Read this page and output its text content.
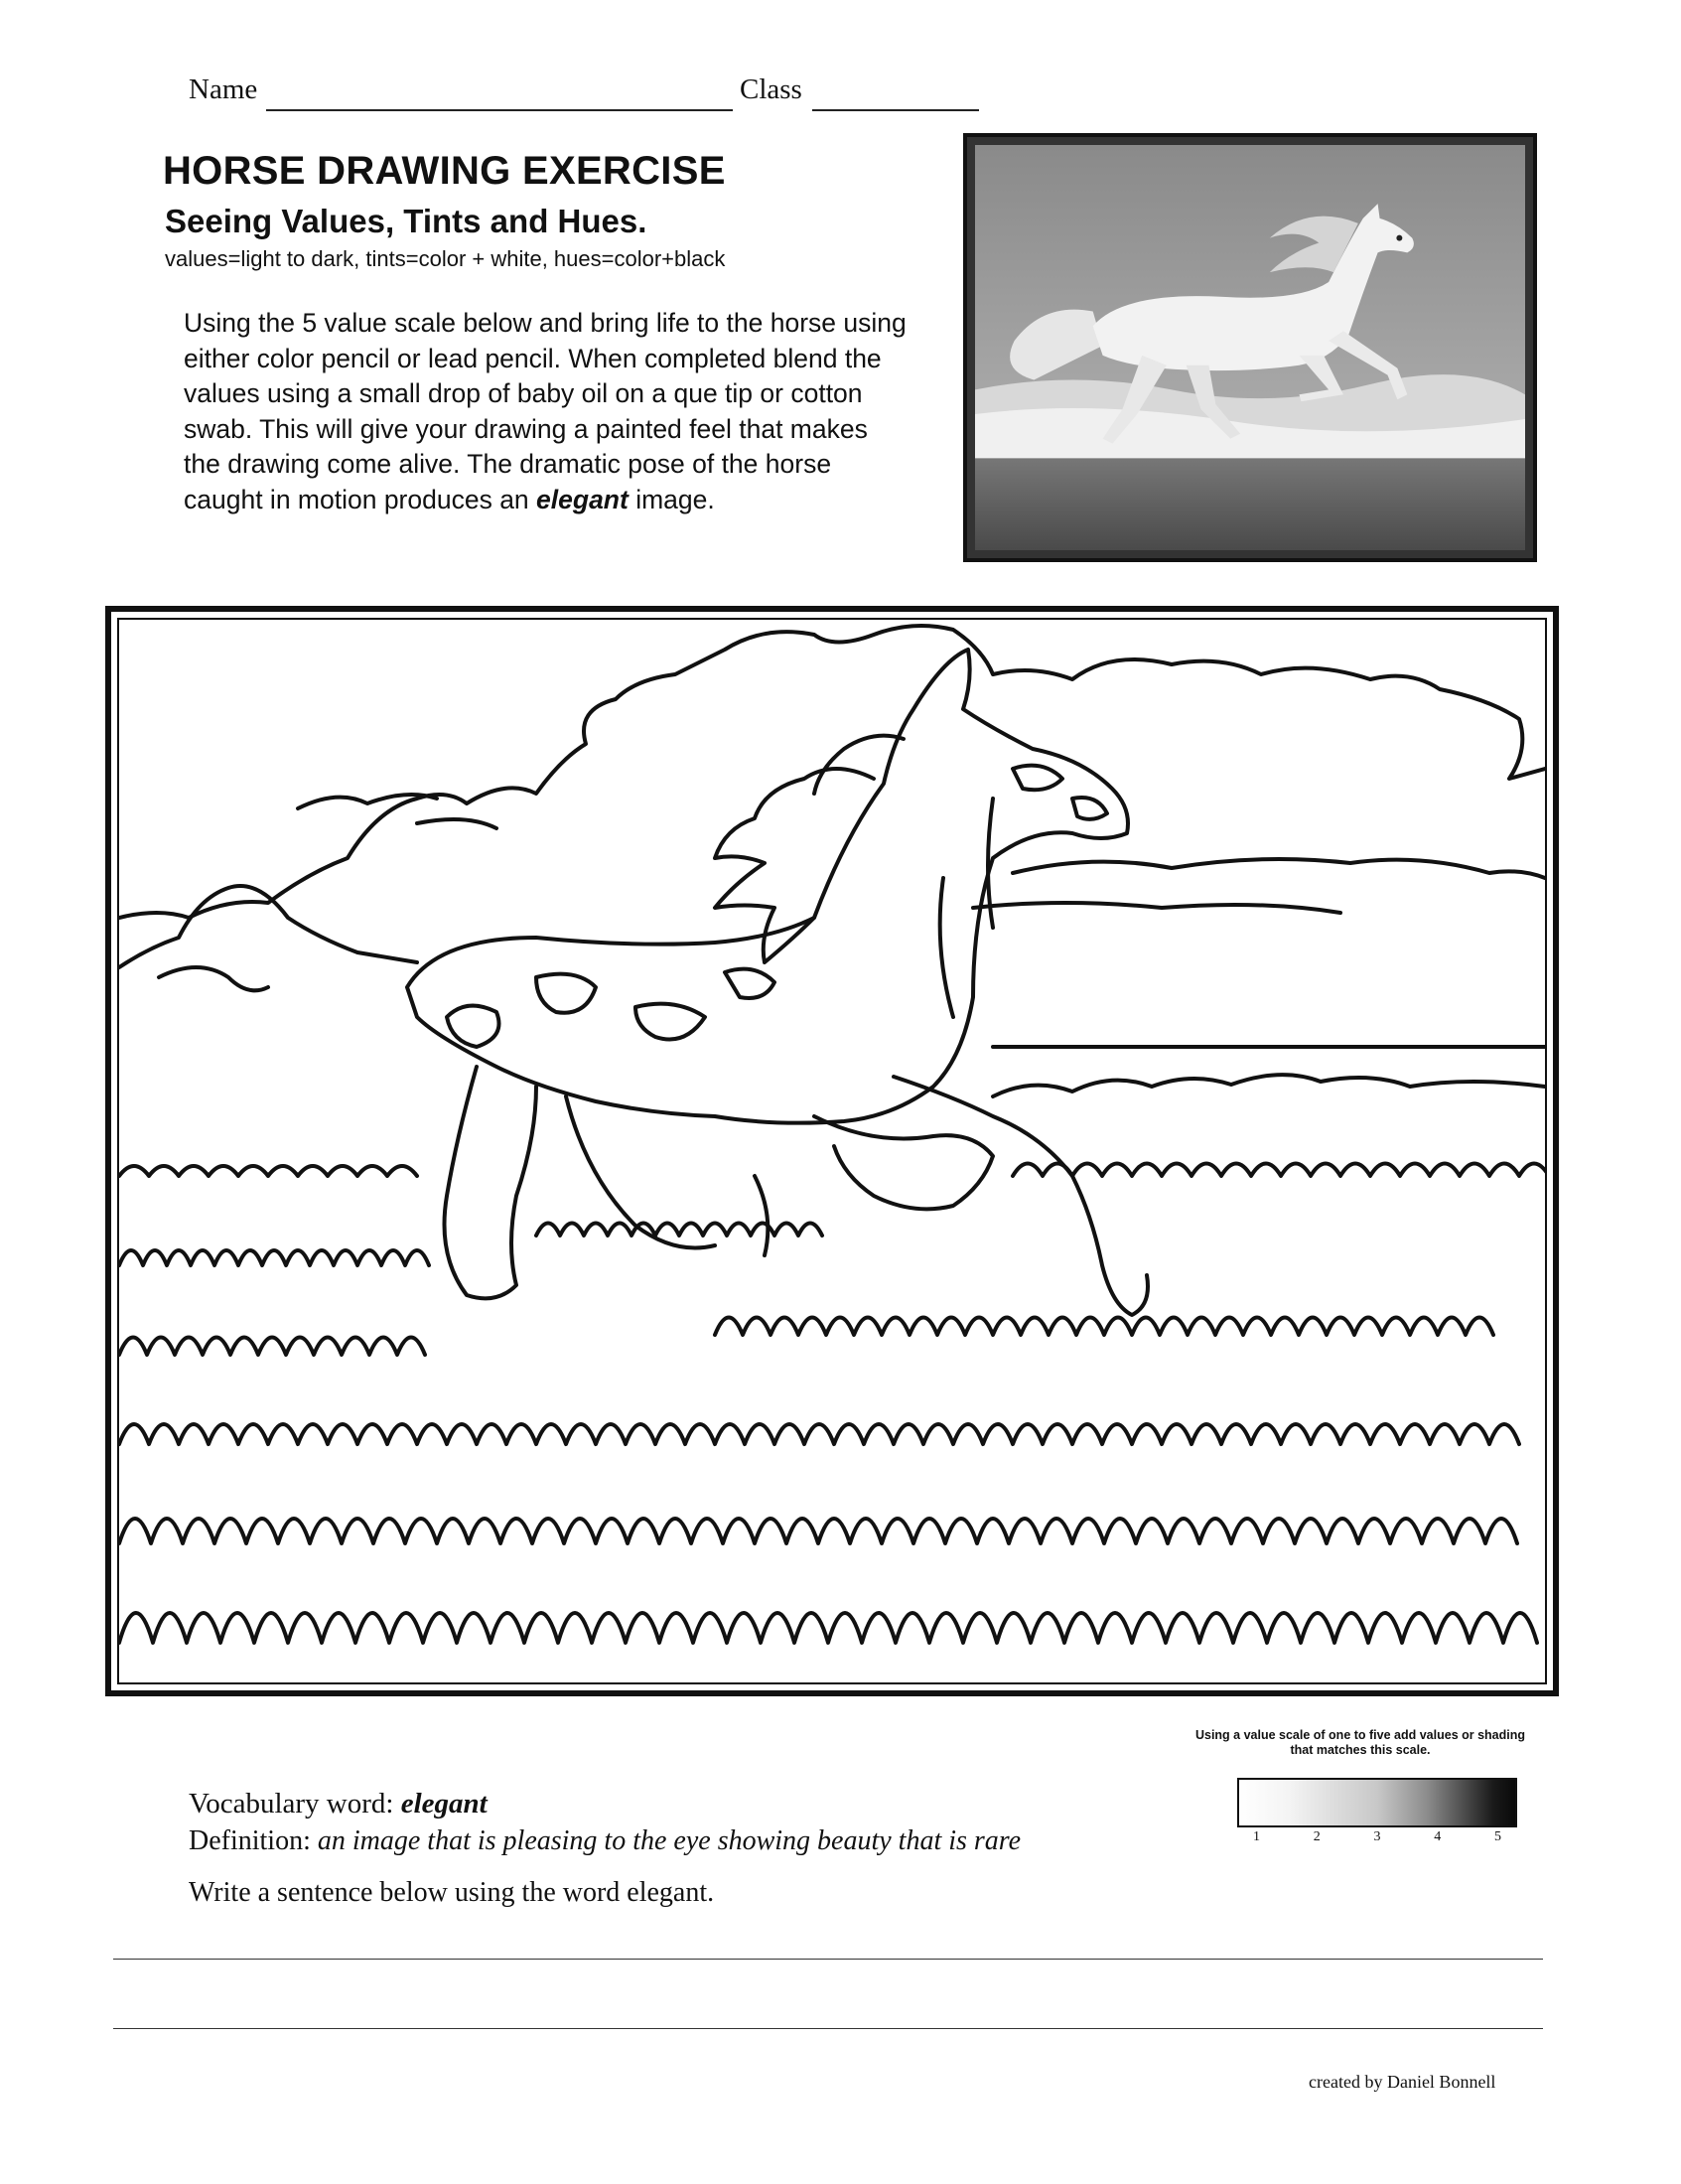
Name	Class
HORSE DRAWING EXERCISE
Seeing Values, Tints and Hues.
values=light to dark, tints=color + white, hues=color+black
Using the 5 value scale below and bring life to the horse using either color pencil or lead pencil. When completed blend the values using a small drop of baby oil on a que tip or cotton swab. This will give your drawing a painted feel that makes the drawing come alive. The dramatic pose of the horse caught in motion produces an elegant image.
Using a value scale of one to five add values or shading that matches this scale.
1	2	3	4	5
Vocabulary word: elegant
Definition: an image that is pleasing to the eye showing beauty that is rare
Write a sentence below using the word elegant.
created by Daniel Bonnell
